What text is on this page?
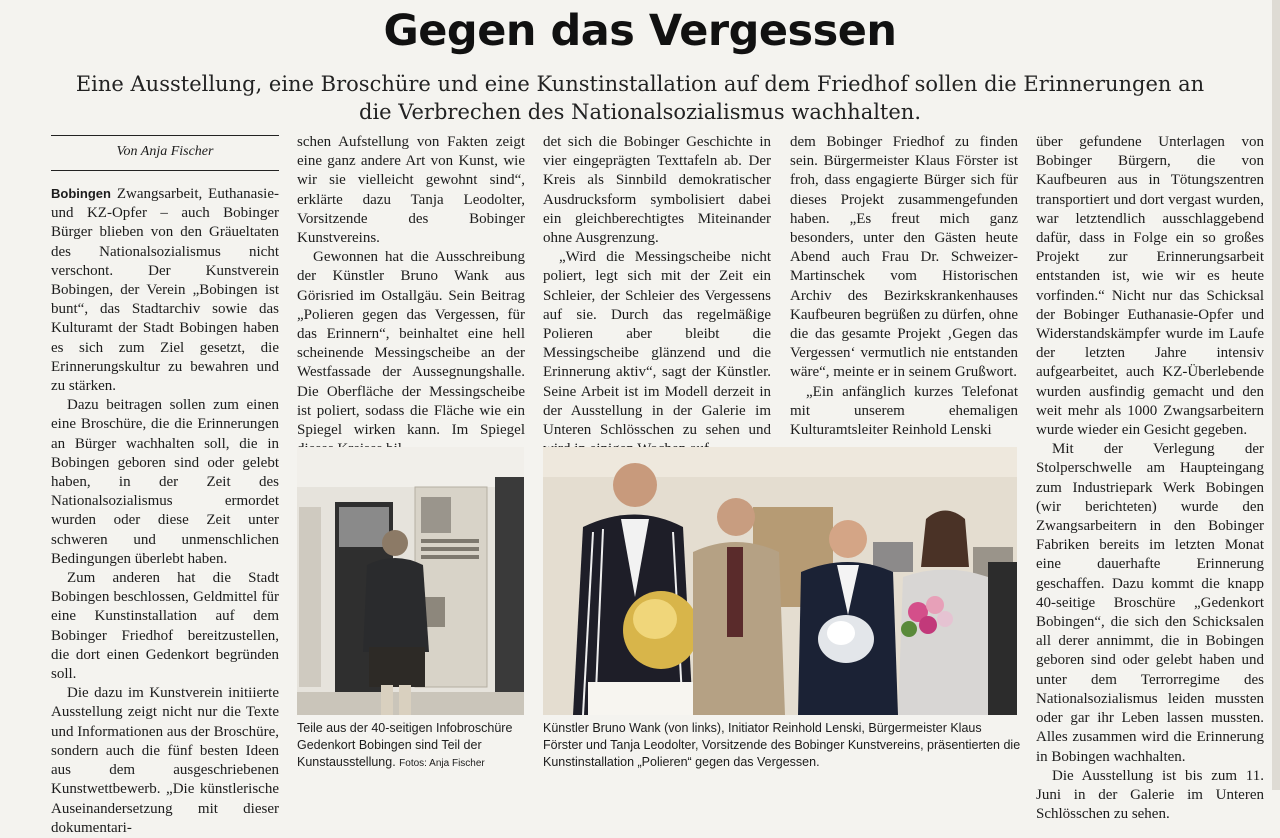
Gegen das Vergessen
Eine Ausstellung, eine Broschüre und eine Kunstinstallation auf dem Friedhof sollen die Erinnerungen an die Verbrechen des Nationalsozialismus wachhalten.
Von Anja Fischer

Bobingen Zwangsarbeit, Euthanasie- und KZ-Opfer – auch Bobinger Bürger blieben von den Gräueltaten des Nationalsozialismus nicht verschont. Der Kunstverein Bobingen, der Verein „Bobingen ist bunt“, das Stadtarchiv sowie das Kulturamt der Stadt Bobingen haben es sich zum Ziel gesetzt, die Erinnerungskultur zu bewahren und zu stärken.

Dazu beitragen sollen zum einen eine Broschüre, die die Erinnerungen an Bürger wachhalten soll, die in Bobingen geboren sind oder gelebt haben, in der Zeit des Nationalsozialismus ermordet wurden oder diese Zeit unter schweren und unmenschlichen Bedingungen überlebt haben.

Zum anderen hat die Stadt Bobingen beschlossen, Geldmittel für eine Kunstinstallation auf dem Bobinger Friedhof bereitzustellen, die dort einen Gedenkort begründen soll.

Die dazu im Kunstverein initiierte Ausstellung zeigt nicht nur die Texte und Informationen aus der Broschüre, sondern auch die fünf besten Ideen aus dem ausgeschriebenen Kunstwettbewerb. „Die künstlerische Auseinandersetzung mit dieser dokumentari-

schen Aufstellung von Fakten zeigt eine ganz andere Art von Kunst, wie wir sie vielleicht gewohnt sind“, erklärte dazu Tanja Leodolter, Vorsitzende des Bobinger Kunstvereins.

Gewonnen hat die Ausschreibung der Künstler Bruno Wank aus Görisried im Ostallgäu. Sein Beitrag „Polieren gegen das Vergessen, für das Erinnern“, beinhaltet eine hell scheinende Messingscheibe an der Westfassade der Aussegnungshalle. Die Oberfläche der Messingscheibe ist poliert, sodass die Fläche wie ein Spiegel wirken kann. Im Spiegel

det sich die Bobinger Geschichte in vier eingeprägten Texttafeln ab. Der Kreis als Sinnbild demokratischer Ausdrucksform symbolisiert dabei ein gleichberechtigtes Miteinander ohne Ausgrenzung.

„Wird die Messingscheibe nicht poliert, legt sich mit der Zeit ein Schleier, der Schleier des Vergessens auf sie. Durch das regelmäßige Polieren aber bleibt die Messingscheibe glänzend und die Erinnerung aktiv“, sagt der Künstler. Seine Arbeit ist im Modell derzeit in der Ausstellung in der Galerie im Unteren Schlösschen zu sehen und

dem Bobinger Friedhof zu finden sein. Bürgermeister Klaus Förster ist froh, dass engagierte Bürger sich für dieses Projekt zusammengefunden haben. „Es freut mich ganz besonders, unter den Gästen heute Abend auch Frau Dr. Schweizer-Martinschek vom Historischen Archiv des Bezirkskrankenhauses Kaufbeuren begrüßen zu dürfen, ohne die das gesamte Projekt ‚Gegen das Vergessen‘ vermutlich nie entstanden wäre“, meinte er in seinem Grußwort.

„Ein anfänglich kurzes Telefonat mit unserem ehemaligen Kulturamtsleiter Reinhold Lenski

über gefundene Unterlagen von Bobinger Bürgern, die von Kaufbeuren aus in Tötungszentren transportiert und dort vergast wurden, war letztendlich ausschlaggebend dafür, dass in Folge ein so großes Projekt zur Erinnerungsarbeit entstanden ist, wie wir es heute vorfinden.“ Nicht nur das Schicksal der Bobinger Euthanasie-Opfer und Widerstandskämpfer wurde im Laufe der letzten Jahre intensiv aufgearbeitet, auch KZ-Überlebende wurden ausfindig gemacht und den weit mehr als 1000 Zwangsarbeitern wurde wieder ein Gesicht gegeben.

Mit der Verlegung der Stolperschwelle am Haupteingang zum Industriepark Werk Bobingen (wir berichteten) wurde den Zwangsarbeitern in den Bobinger Fabriken bereits im letzten Monat eine dauerhafte Erinnerung geschaffen. Dazu kommt die knapp 40-seitige Broschüre „Gedenkort Bobingen“, die sich den Schicksalen all derer annimmt, die in Bobingen geboren sind oder gelebt haben und unter dem Terrorregime des Nationalsozialismus leiden mussten oder gar ihr Leben lassen mussten. Alles zusammen wird die Erinnerung in Bobingen wachhalten.

Die Ausstellung ist bis zum 11. Juni in der Galerie im Unteren Schlösschen zu sehen.

Teile aus der 40-seitigen Infobroschüre Gedenkort Bobingen sind Teil der Kunstausstellung. Fotos: Anja Fischer
Künstler Bruno Wank (von links), Initiator Reinhold Lenski, Bürgermeister Klaus Förster und Tanja Leodolter, Vorsitzende des Bobinger Kunstvereins, präsentierten die Kunstinstallation „Polieren“ gegen das Vergessen.
